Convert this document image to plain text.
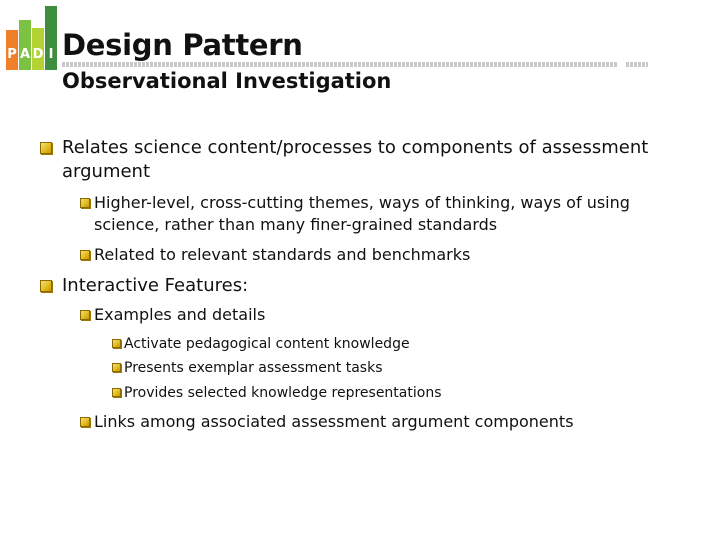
P A D I Design Pattern
Observational Investigation
Relates science content/processes to components of assessment argument
Higher-level, cross-cutting themes, ways of thinking, ways of using science, rather than many finer-grained standards
Related to relevant standards and benchmarks
Interactive Features:
Examples and details
Activate pedagogical content knowledge
Presents exemplar assessment tasks
Provides selected knowledge representations
Links among associated assessment argument components
